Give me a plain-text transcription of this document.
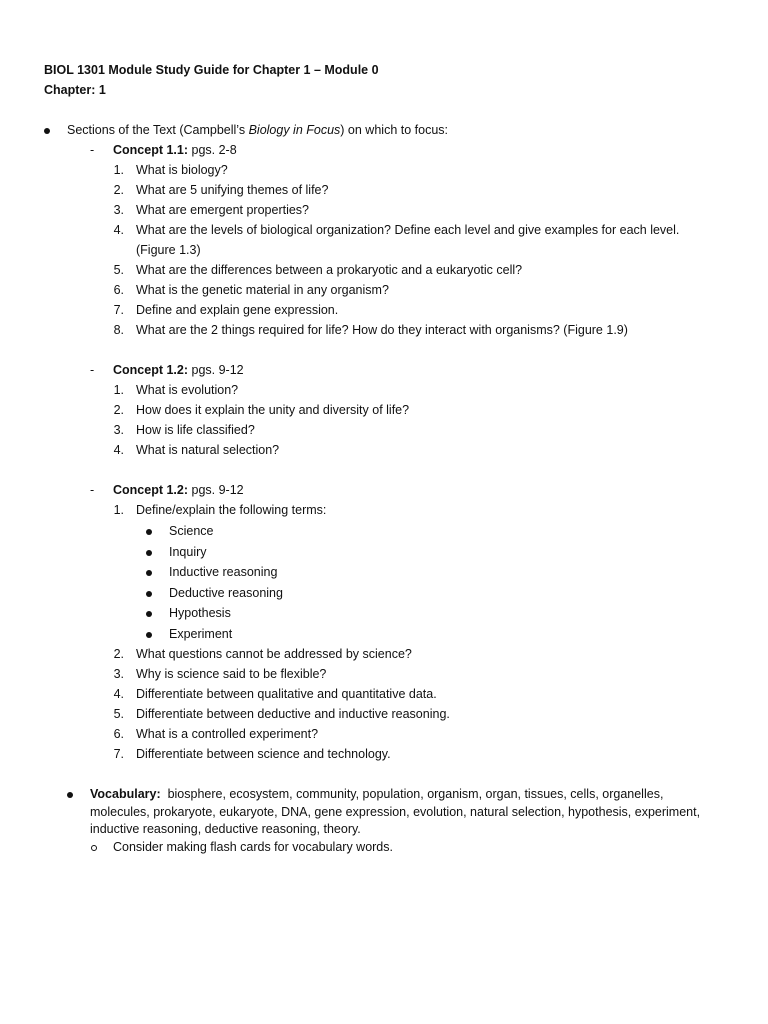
BIOL 1301 Module Study Guide for Chapter 1 – Module 0
Chapter: 1
Sections of the Text (Campbell’s Biology in Focus) on which to focus:
- Concept 1.1: pgs. 2-8
1. What is biology?
2. What are 5 unifying themes of life?
3. What are emergent properties?
4. What are the levels of biological organization? Define each level and give examples for each level.
(Figure 1.3)
5. What are the differences between a prokaryotic and a eukaryotic cell?
6. What is the genetic material in any organism?
7. Define and explain gene expression.
8. What are the 2 things required for life? How do they interact with organisms? (Figure 1.9)
- Concept 1.2: pgs. 9-12
1. What is evolution?
2. How does it explain the unity and diversity of life?
3. How is life classified?
4. What is natural selection?
- Concept 1.2: pgs. 9-12
1. Define/explain the following terms:
Science
Inquiry
Inductive reasoning
Deductive reasoning
Hypothesis
Experiment
2. What questions cannot be addressed by science?
3. Why is science said to be flexible?
4. Differentiate between qualitative and quantitative data.
5. Differentiate between deductive and inductive reasoning.
6. What is a controlled experiment?
7. Differentiate between science and technology.
Vocabulary:  biosphere, ecosystem, community, population, organism, organ, tissues, cells, organelles,
molecules, prokaryote, eukaryote, DNA, gene expression, evolution, natural selection, hypothesis, experiment,
inductive reasoning, deductive reasoning, theory.
Consider making flash cards for vocabulary words.
